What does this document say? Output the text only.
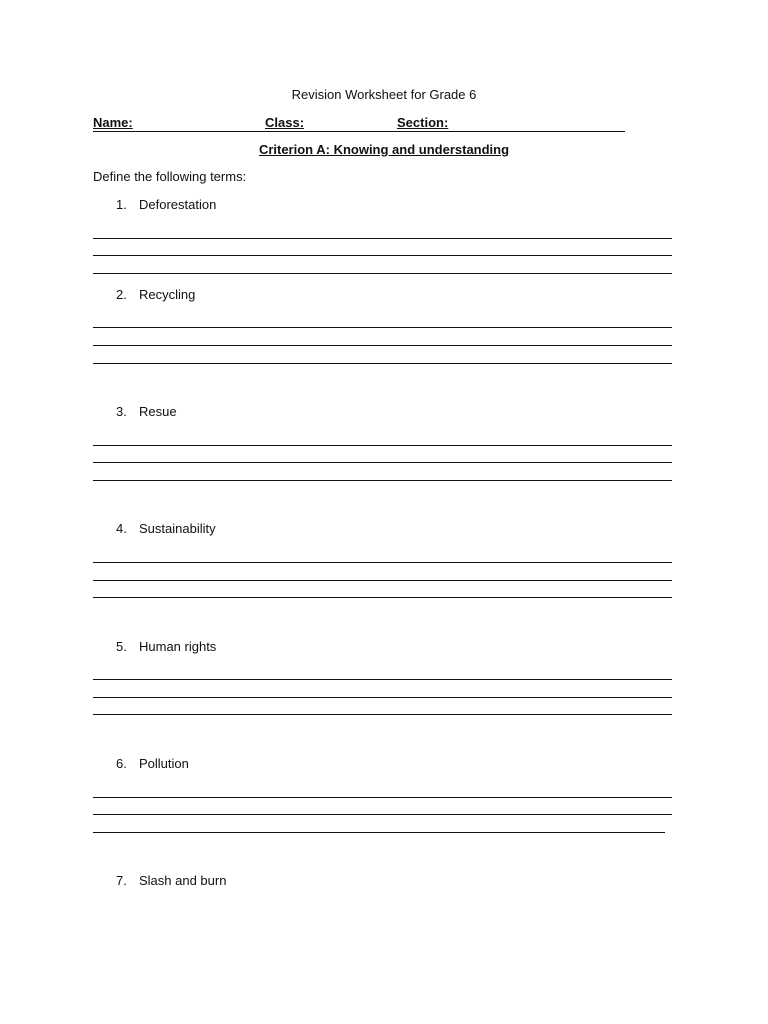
Revision Worksheet for Grade 6
Name:	Class:	Section:
Criterion A: Knowing and understanding
Define the following terms:
1. Deforestation
2. Recycling
3. Resue
4. Sustainability
5. Human rights
6. Pollution
7. Slash and burn
